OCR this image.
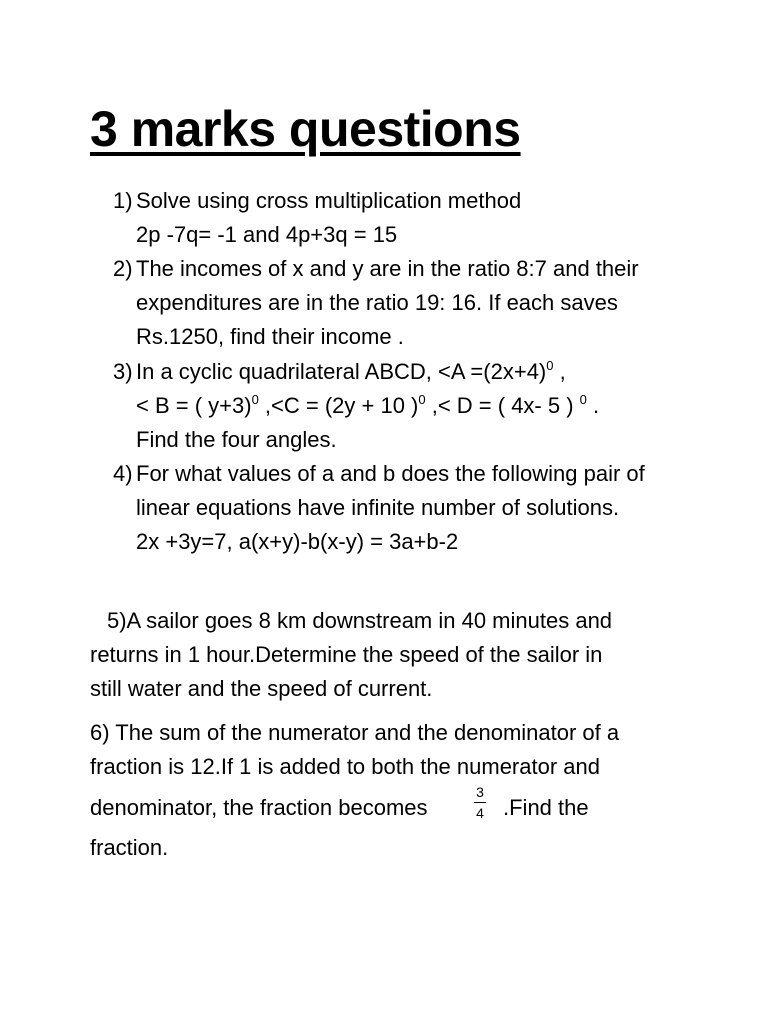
3 marks questions
1) Solve using cross multiplication method
2p -7q= -1 and 4p+3q = 15
2) The incomes of x and y are in the ratio 8:7 and their
expenditures are in the ratio 19: 16. If each saves
Rs.1250, find their income .
3) In a cyclic quadrilateral ABCD, $<A =(2x+4)^0$ ,
< B = ( y+3)$^0$ ,<C = (2y + 10 )$^0$ ,< D = ( 4x- 5 ) $^0$ .
Find the four angles.
4) For what values of a and b does the following pair of
linear equations have infinite number of solutions.
2x +3y=7, a(x+y)-b(x-y) = 3a+b-2
5)A sailor goes 8 km downstream in 40 minutes and
returns in 1 hour.Determine the speed of the sailor in
still water and the speed of current.
6) The sum of the numerator and the denominator of a
fraction is 12.If 1 is added to both the numerator and
denominator, the fraction becomes
3
4 .Find the
fraction.
